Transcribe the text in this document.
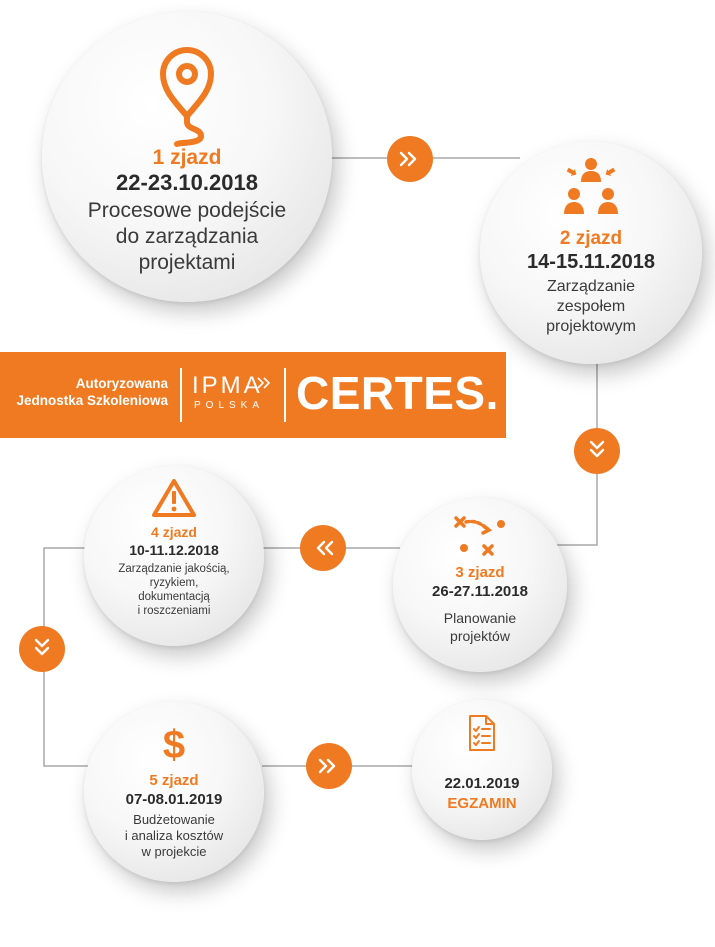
1 zjazd
22-23.10.2018
Procesowe podejście
do zarządzania
projektami
2 zjazd
14-15.11.2018
Zarządzanie
zespołem
projektowym
Autoryzowana
Jednostka Szkoleniowa
IPMA
POLSKA CERTES.
3 zjazd
26-27.11.2018
Planowanie
projektów
4 zjazd
10-11.12.2018
Zarządzanie jakością,
ryzykiem,
dokumentacją
i roszczeniami
$
5 zjazd
07-08.01.2019
Budżetowanie
i analiza kosztów
w projekcie
22.01.2019
EGZAMIN
